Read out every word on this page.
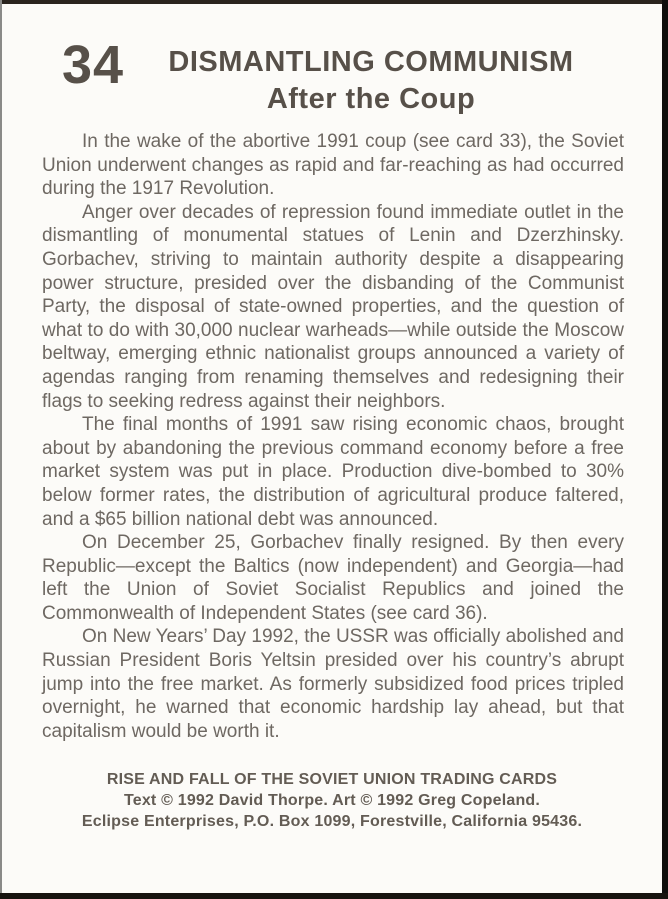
34	DISMANTLING COMMUNISM
After the Coup

In the wake of the abortive 1991 coup (see card 33), the Soviet Union underwent changes as rapid and far-reaching as had occurred during the 1917 Revolution.

Anger over decades of repression found immediate outlet in the dismantling of monumental statues of Lenin and Dzerzhinsky. Gorbachev, striving to maintain authority despite a disappearing power structure, presided over the disbanding of the Communist Party, the disposal of state-owned properties, and the question of what to do with 30,000 nuclear warheads—while outside the Moscow beltway, emerging ethnic nationalist groups announced a variety of agendas ranging from renaming themselves and redesigning their flags to seeking redress against their neighbors.

The final months of 1991 saw rising economic chaos, brought about by abandoning the previous command economy before a free market system was put in place. Production dive-bombed to 30% below former rates, the distribution of agricultural produce faltered, and a $65 billion national debt was announced.

On December 25, Gorbachev finally resigned. By then every Republic—except the Baltics (now independent) and Georgia—had left the Union of Soviet Socialist Republics and joined the Commonwealth of Independent States (see card 36).

On New Years’ Day 1992, the USSR was officially abolished and Russian President Boris Yeltsin presided over his country’s abrupt jump into the free market. As formerly subsidized food prices tripled overnight, he warned that economic hardship lay ahead, but that capitalism would be worth it.

RISE AND FALL OF THE SOVIET UNION TRADING CARDS
Text © 1992 David Thorpe. Art © 1992 Greg Copeland.
Eclipse Enterprises, P.O. Box 1099, Forestville, California 95436.
